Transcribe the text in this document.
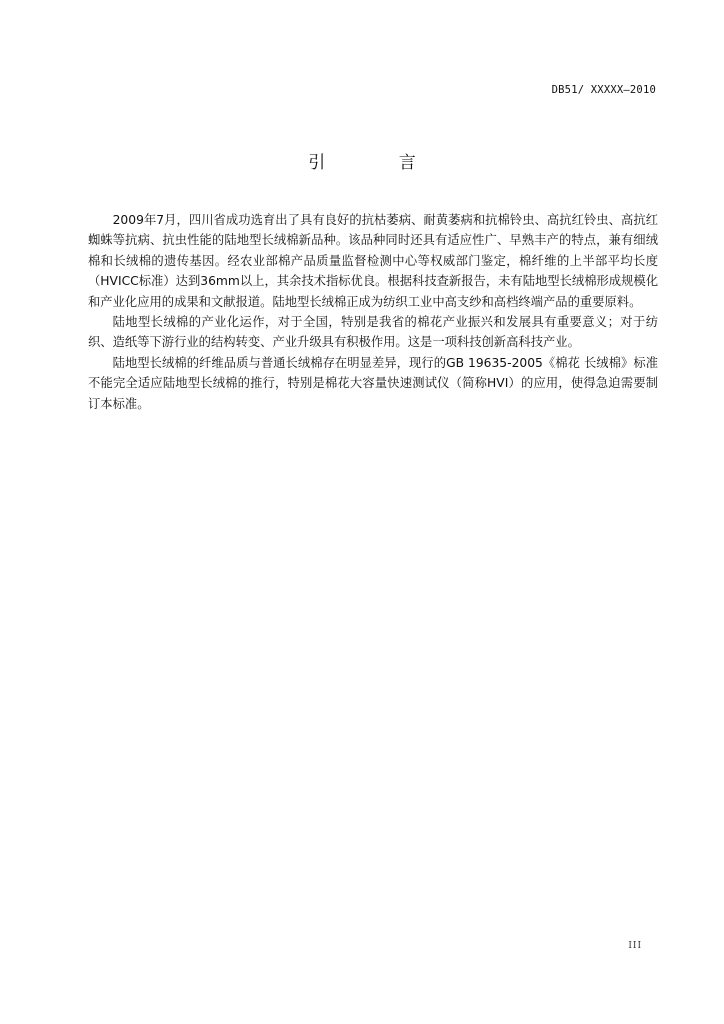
DB51/ XXXXX—2010
引 言

2009年7月，四川省成功选育出了具有良好的抗枯萎病、耐黄萎病和抗棉铃虫、高抗红铃虫、高抗红蜘蛛等抗病、抗虫性能的陆地型长绒棉新品种。该品种同时还具有适应性广、早熟丰产的特点，兼有细绒棉和长绒棉的遗传基因。经农业部棉产品质量监督检测中心等权威部门鉴定，棉纤维的上半部平均长度（HVICC标准）达到36mm以上，其余技术指标优良。根据科技查新报告，未有陆地型长绒棉形成规模化和产业化应用的成果和文献报道。陆地型长绒棉正成为纺织工业中高支纱和高档终端产品的重要原料。

陆地型长绒棉的产业化运作，对于全国，特别是我省的棉花产业振兴和发展具有重要意义；对于纺织、造纸等下游行业的结构转变、产业升级具有积极作用。这是一项科技创新高科技产业。

陆地型长绒棉的纤维品质与普通长绒棉存在明显差异，现行的GB 19635-2005《棉花 长绒棉》标准不能完全适应陆地型长绒棉的推行，特别是棉花大容量快速测试仪（简称HVI）的应用，使得急迫需要制订本标准。

III
